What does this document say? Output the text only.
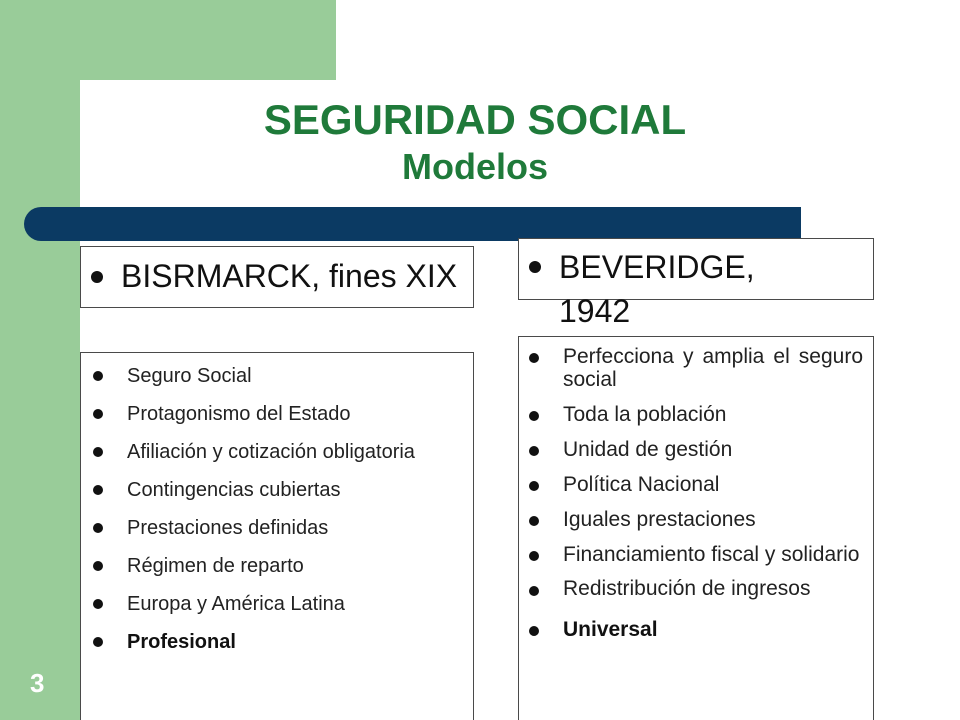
SEGURIDAD SOCIAL
Modelos
BISRMARCK, fines XIX	BEVERIDGE, 1942
Seguro Social
Protagonismo del Estado
Afiliación y cotización obligatoria
Contingencias cubiertas
Prestaciones definidas
Régimen de reparto
Europa y América Latina
Profesional
Perfecciona y amplia el seguro social
Toda la población
Unidad de gestión
Política Nacional
Iguales prestaciones
Financiamiento fiscal y solidario
Redistribución de ingresos
Universal
3
